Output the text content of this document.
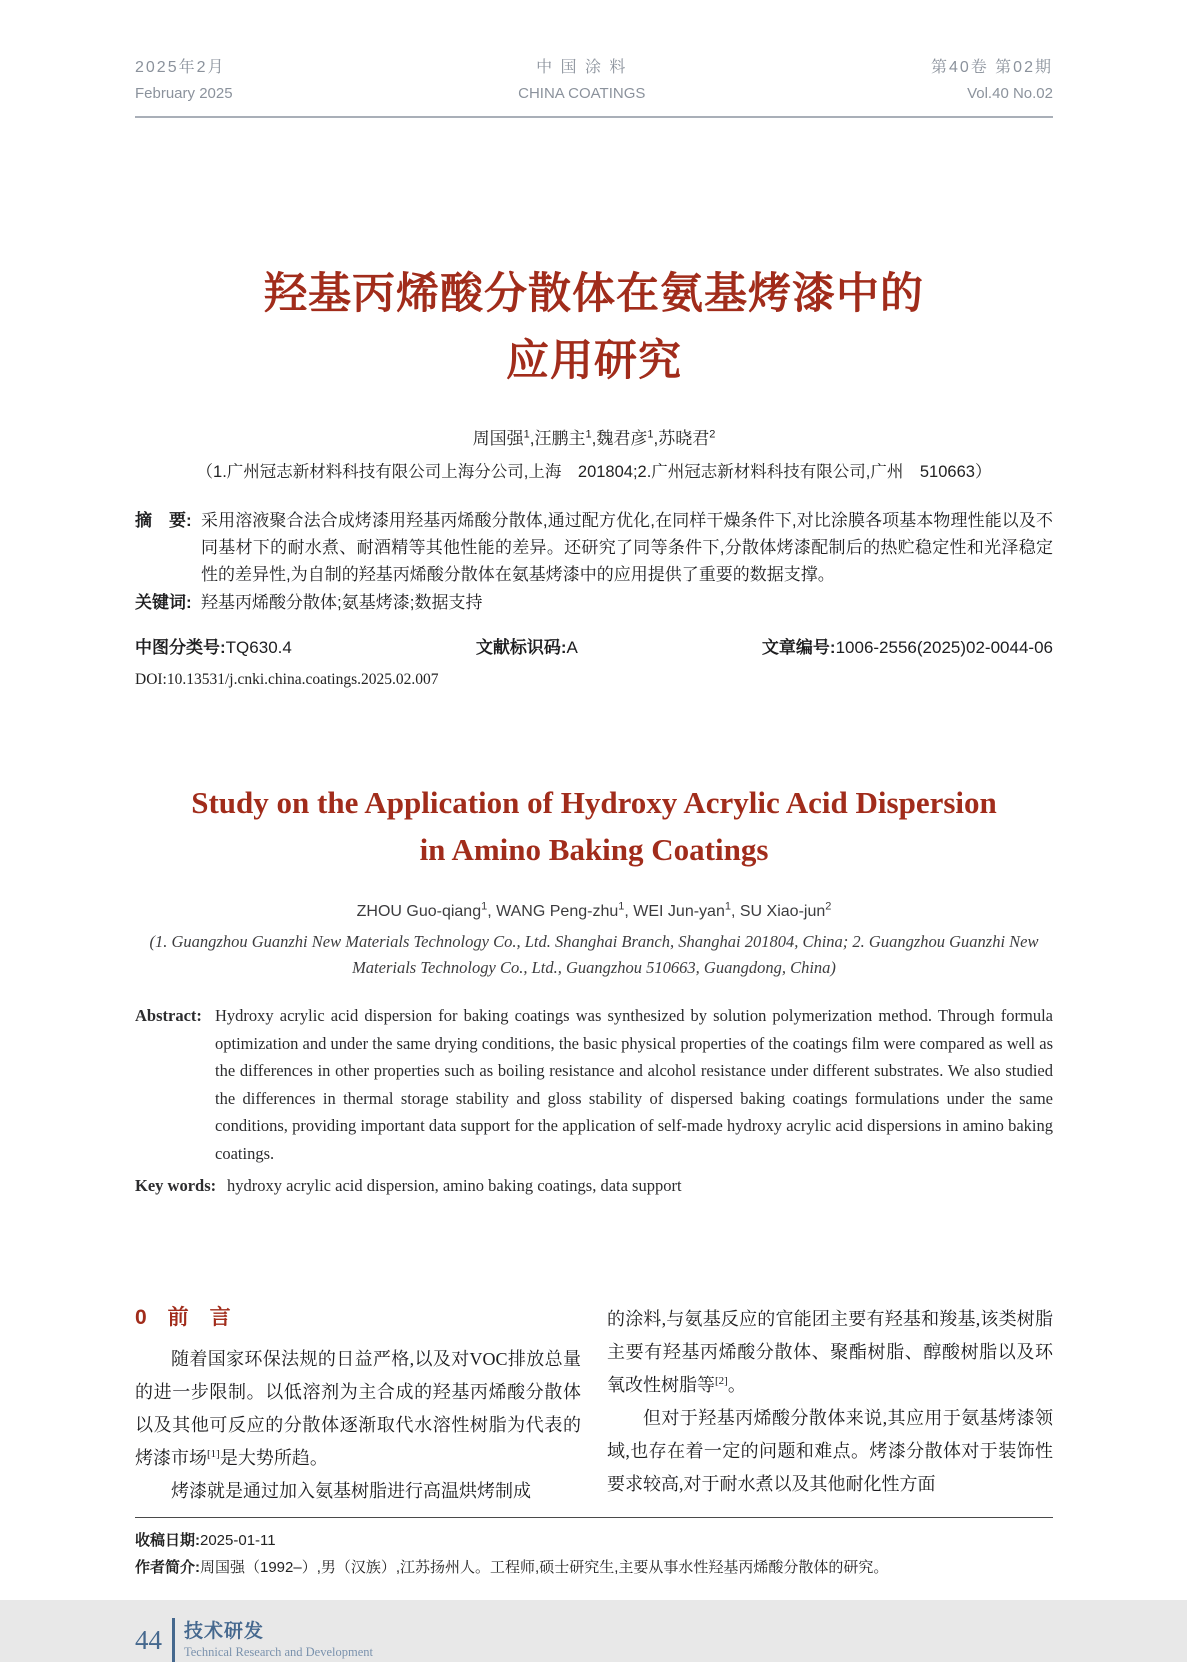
2025年2月
February 2025
中 国 涂 料
CHINA COATINGS
第40卷 第02期
Vol.40 No.02
羟基丙烯酸分散体在氨基烤漆中的
应用研究
周国强$^1$,汪鹏主$^1$,魏君彦$^1$,苏晓君$^2$
（1.广州冠志新材料科技有限公司上海分公司,上海　201804;2.广州冠志新材料科技有限公司,广州　510663）
摘　要: 采用溶液聚合法合成烤漆用羟基丙烯酸分散体,通过配方优化,在同样干燥条件下,对比涂膜各项基本物理性能以及不同基材下的耐水煮、耐酒精等其他性能的差异。还研究了同等条件下,分散体烤漆配制后的热贮稳定性和光泽稳定性的差异性,为自制的羟基丙烯酸分散体在氨基烤漆中的应用提供了重要的数据支撑。
关键词: 羟基丙烯酸分散体;氨基烤漆;数据支持
中图分类号:TQ630.4	文献标识码:A	文章编号:1006-2556(2025)02-0044-06
DOI:10.13531/j.cnki.china.coatings.2025.02.007
Study on the Application of Hydroxy Acrylic Acid Dispersion
in Amino Baking Coatings
ZHOU Guo-qiang$^1$, WANG Peng-zhu$^1$, WEI Jun-yan$^1$, SU Xiao-jun$^2$
(1. Guangzhou Guanzhi New Materials Technology Co., Ltd. Shanghai Branch, Shanghai 201804, China; 2. Guangzhou Guanzhi New Materials Technology Co., Ltd., Guangzhou 510663, Guangdong, China)
Abstract: Hydroxy acrylic acid dispersion for baking coatings was synthesized by solution polymerization method. Through formula optimization and under the same drying conditions, the basic physical properties of the coatings film were compared as well as the differences in other properties such as boiling resistance and alcohol resistance under different substrates. We also studied the differences in thermal storage stability and gloss stability of dispersed baking coatings formulations under the same conditions, providing important data support for the application of self-made hydroxy acrylic acid dispersions in amino baking coatings.
Key words: hydroxy acrylic acid dispersion, amino baking coatings, data support
0　前　言

随着国家环保法规的日益严格,以及对VOC排放总量的进一步限制。以低溶剂为主合成的羟基丙烯酸分散体以及其他可反应的分散体逐渐取代水溶性树脂为代表的烤漆市场[1]是大势所趋。

烤漆就是通过加入氨基树脂进行高温烘烤制成

的涂料,与氨基反应的官能团主要有羟基和羧基,该类树脂主要有羟基丙烯酸分散体、聚酯树脂、醇酸树脂以及环氧改性树脂等[2]。

但对于羟基丙烯酸分散体来说,其应用于氨基烤漆领域,也存在着一定的问题和难点。烤漆分散体对于装饰性要求较高,对于耐水煮以及其他耐化性方面

收稿日期:2025-01-11
作者简介:周国强（1992–）,男（汉族）,江苏扬州人。工程师,硕士研究生,主要从事水性羟基丙烯酸分散体的研究。
44 技术研发
Technical Research and Development
